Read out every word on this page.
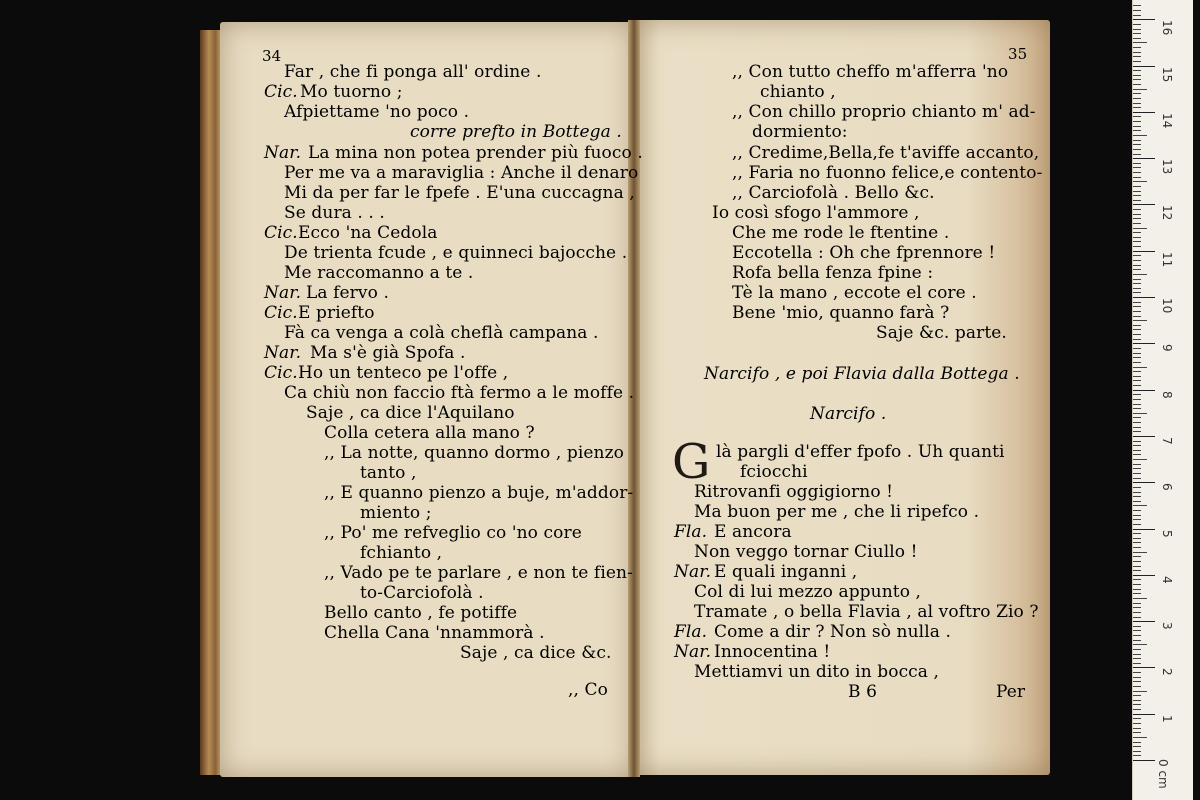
34
Far , che fi ponga all' ordine .
Cic. Mo tuorno ;
Afpiettame 'no poco .
corre prefto in Bottega .
Nar. La mina non potea prender più fuoco .
Per me va a maraviglia : Anche il denaro
Mi da per far le fpefe . E'una cuccagna ,
Se dura . . .
Cic. Ecco 'na Cedola
De trienta fcude , e quinneci bajocche .
Me raccomanno a te .
Nar. La fervo .
Cic. E priefto
Fà ca venga a colà cheflà campana .
Nar. Ma s'è già Spofa .
Cic. Ho un tenteco pe l'offe ,
Ca chiù non faccio ftà fermo a le moffe .
Saje , ca dice l'Aquilano
Colla cetera alla mano ?
,, La notte, quanno dormo , pienzo
tanto ,
,, E quanno pienzo a buje, m'addor-
miento ;
,, Po' me refveglio co 'no core
fchianto ,
,, Vado pe te parlare , e non te fien-
to-Carciofolà .
Bello canto , fe potiffe
Chella Cana 'nnammorà .
Saje , ca dice &c.
,, Co
35
,, Con tutto cheffo m'afferra 'no
chianto ,
,, Con chillo proprio chianto m' ad-
dormiento:
,, Credime,Bella,fe t'aviffe accanto,
,, Faria no fuonno felice,e contento-
,, Carciofolà . Bello &c.
Io così sfogo l'ammore ,
Che me rode le ftentine .
Eccotella : Oh che fprennore !
Rofa bella fenza fpine :
Tè la mano , eccote el core .
Bene 'mio, quanno farà ?
Saje &c. parte.
Narcifo , e poi Flavia dalla Bottega .
Narcifo .
G là pargli d'effer fpofo . Uh quanti
fciocchi
Ritrovanfi oggigiorno !
Ma buon per me , che li ripefco .
Fla. E ancora
Non veggo tornar Ciullo !
Nar. E quali inganni ,
Col di lui mezzo appunto ,
Tramate , o bella Flavia , al voftro Zio ?
Fla. Come a dir ? Non sò nulla .
Nar. Innocentina !
Mettiamvi un dito in bocca ,
B 6	Per
0 cm
1
2
3
4
5
6
7
8
9
10
11
12
13
14
15
16
